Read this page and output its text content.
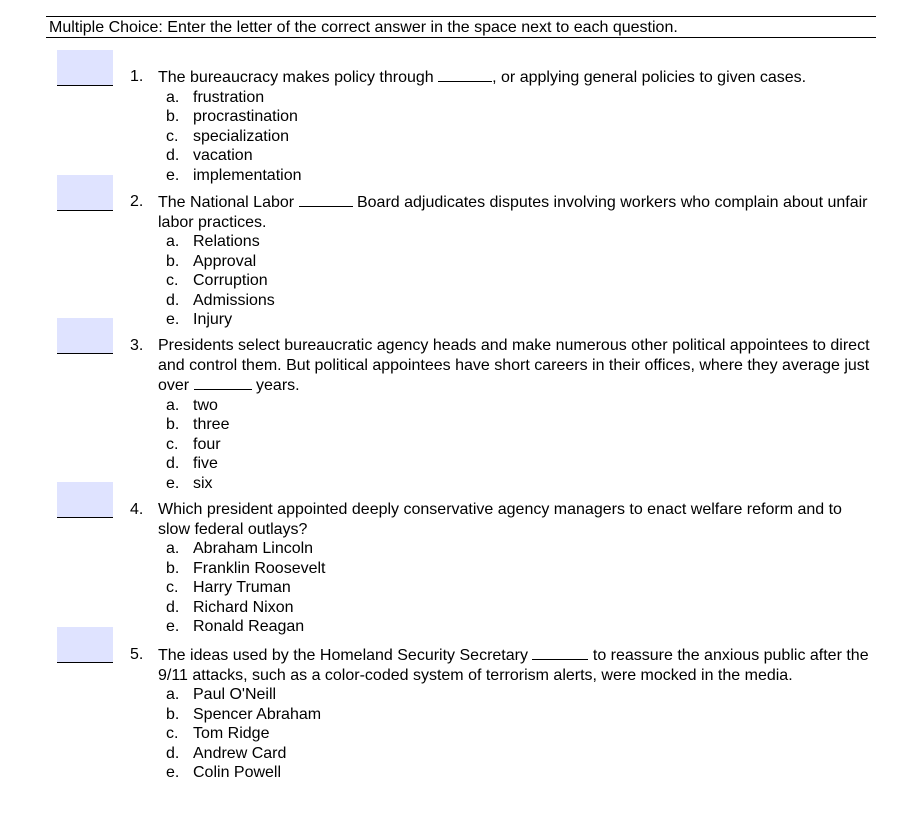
Multiple Choice: Enter the letter of the correct answer in the space next to each question.
1. The bureaucracy makes policy through	, or applying general policies to given cases.
a. frustration
b. procrastination
c. specialization
d. vacation
e. implementation
2. The National Labor	Board adjudicates disputes involving workers who complain about unfair labor practices.
a. Relations
b. Approval
c. Corruption
d. Admissions
e. Injury
3. Presidents select bureaucratic agency heads and make numerous other political appointees to direct and control them. But political appointees have short careers in their offices, where they average just over	years.
a. two
b. three
c. four
d. five
e. six
4. Which president appointed deeply conservative agency managers to enact welfare reform and to slow federal outlays?
a. Abraham Lincoln
b. Franklin Roosevelt
c. Harry Truman
d. Richard Nixon
e. Ronald Reagan
5. The ideas used by the Homeland Security Secretary	to reassure the anxious public after the 9/11 attacks, such as a color-coded system of terrorism alerts, were mocked in the media.
a. Paul O'Neill
b. Spencer Abraham
c. Tom Ridge
d. Andrew Card
e. Colin Powell
